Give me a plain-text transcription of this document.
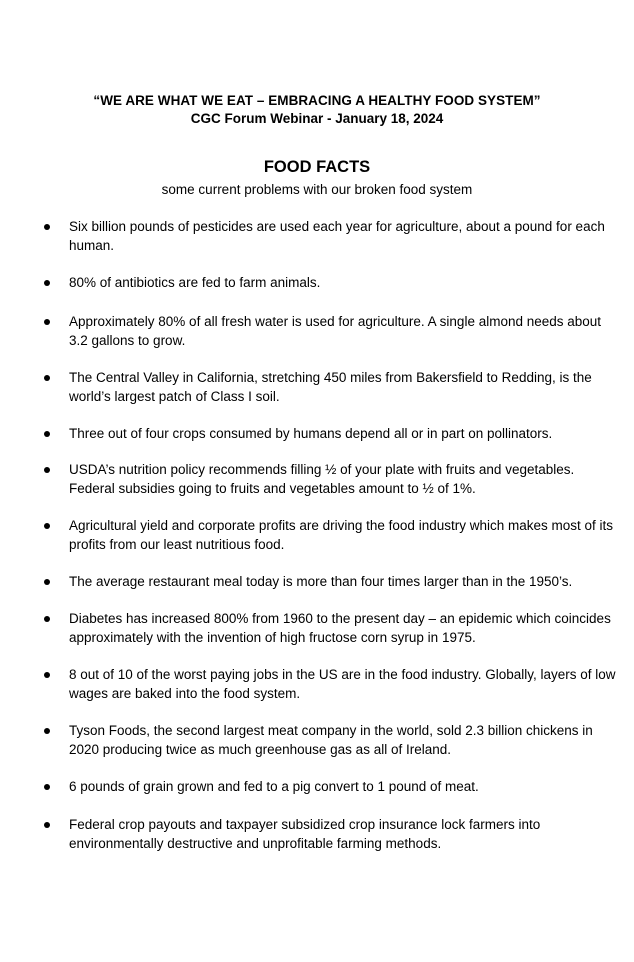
“WE ARE WHAT WE EAT – EMBRACING A HEALTHY FOOD SYSTEM”
CGC Forum Webinar - January 18, 2024
FOOD FACTS
some current problems with our broken food system
Six billion pounds of pesticides are used each year for agriculture, about a pound for each human.
80% of antibiotics are fed to farm animals.
Approximately 80% of all fresh water is used for agriculture. A single almond needs about 3.2 gallons to grow.
The Central Valley in California, stretching 450 miles from Bakersfield to Redding, is the world’s largest patch of Class I soil.
Three out of four crops consumed by humans depend all or in part on pollinators.
USDA’s nutrition policy recommends filling ½ of your plate with fruits and vegetables. Federal subsidies going to fruits and vegetables amount to ½ of 1%.
Agricultural yield and corporate profits are driving the food industry which makes most of its profits from our least nutritious food.
The average restaurant meal today is more than four times larger than in the 1950’s.
Diabetes has increased 800% from 1960 to the present day – an epidemic which coincides approximately with the invention of high fructose corn syrup in 1975.
8 out of 10 of the worst paying jobs in the US are in the food industry. Globally, layers of low wages are baked into the food system.
Tyson Foods, the second largest meat company in the world, sold 2.3 billion chickens in 2020 producing twice as much greenhouse gas as all of Ireland.
6 pounds of grain grown and fed to a pig convert to 1 pound of meat.
Federal crop payouts and taxpayer subsidized crop insurance lock farmers into environmentally destructive and unprofitable farming methods.
